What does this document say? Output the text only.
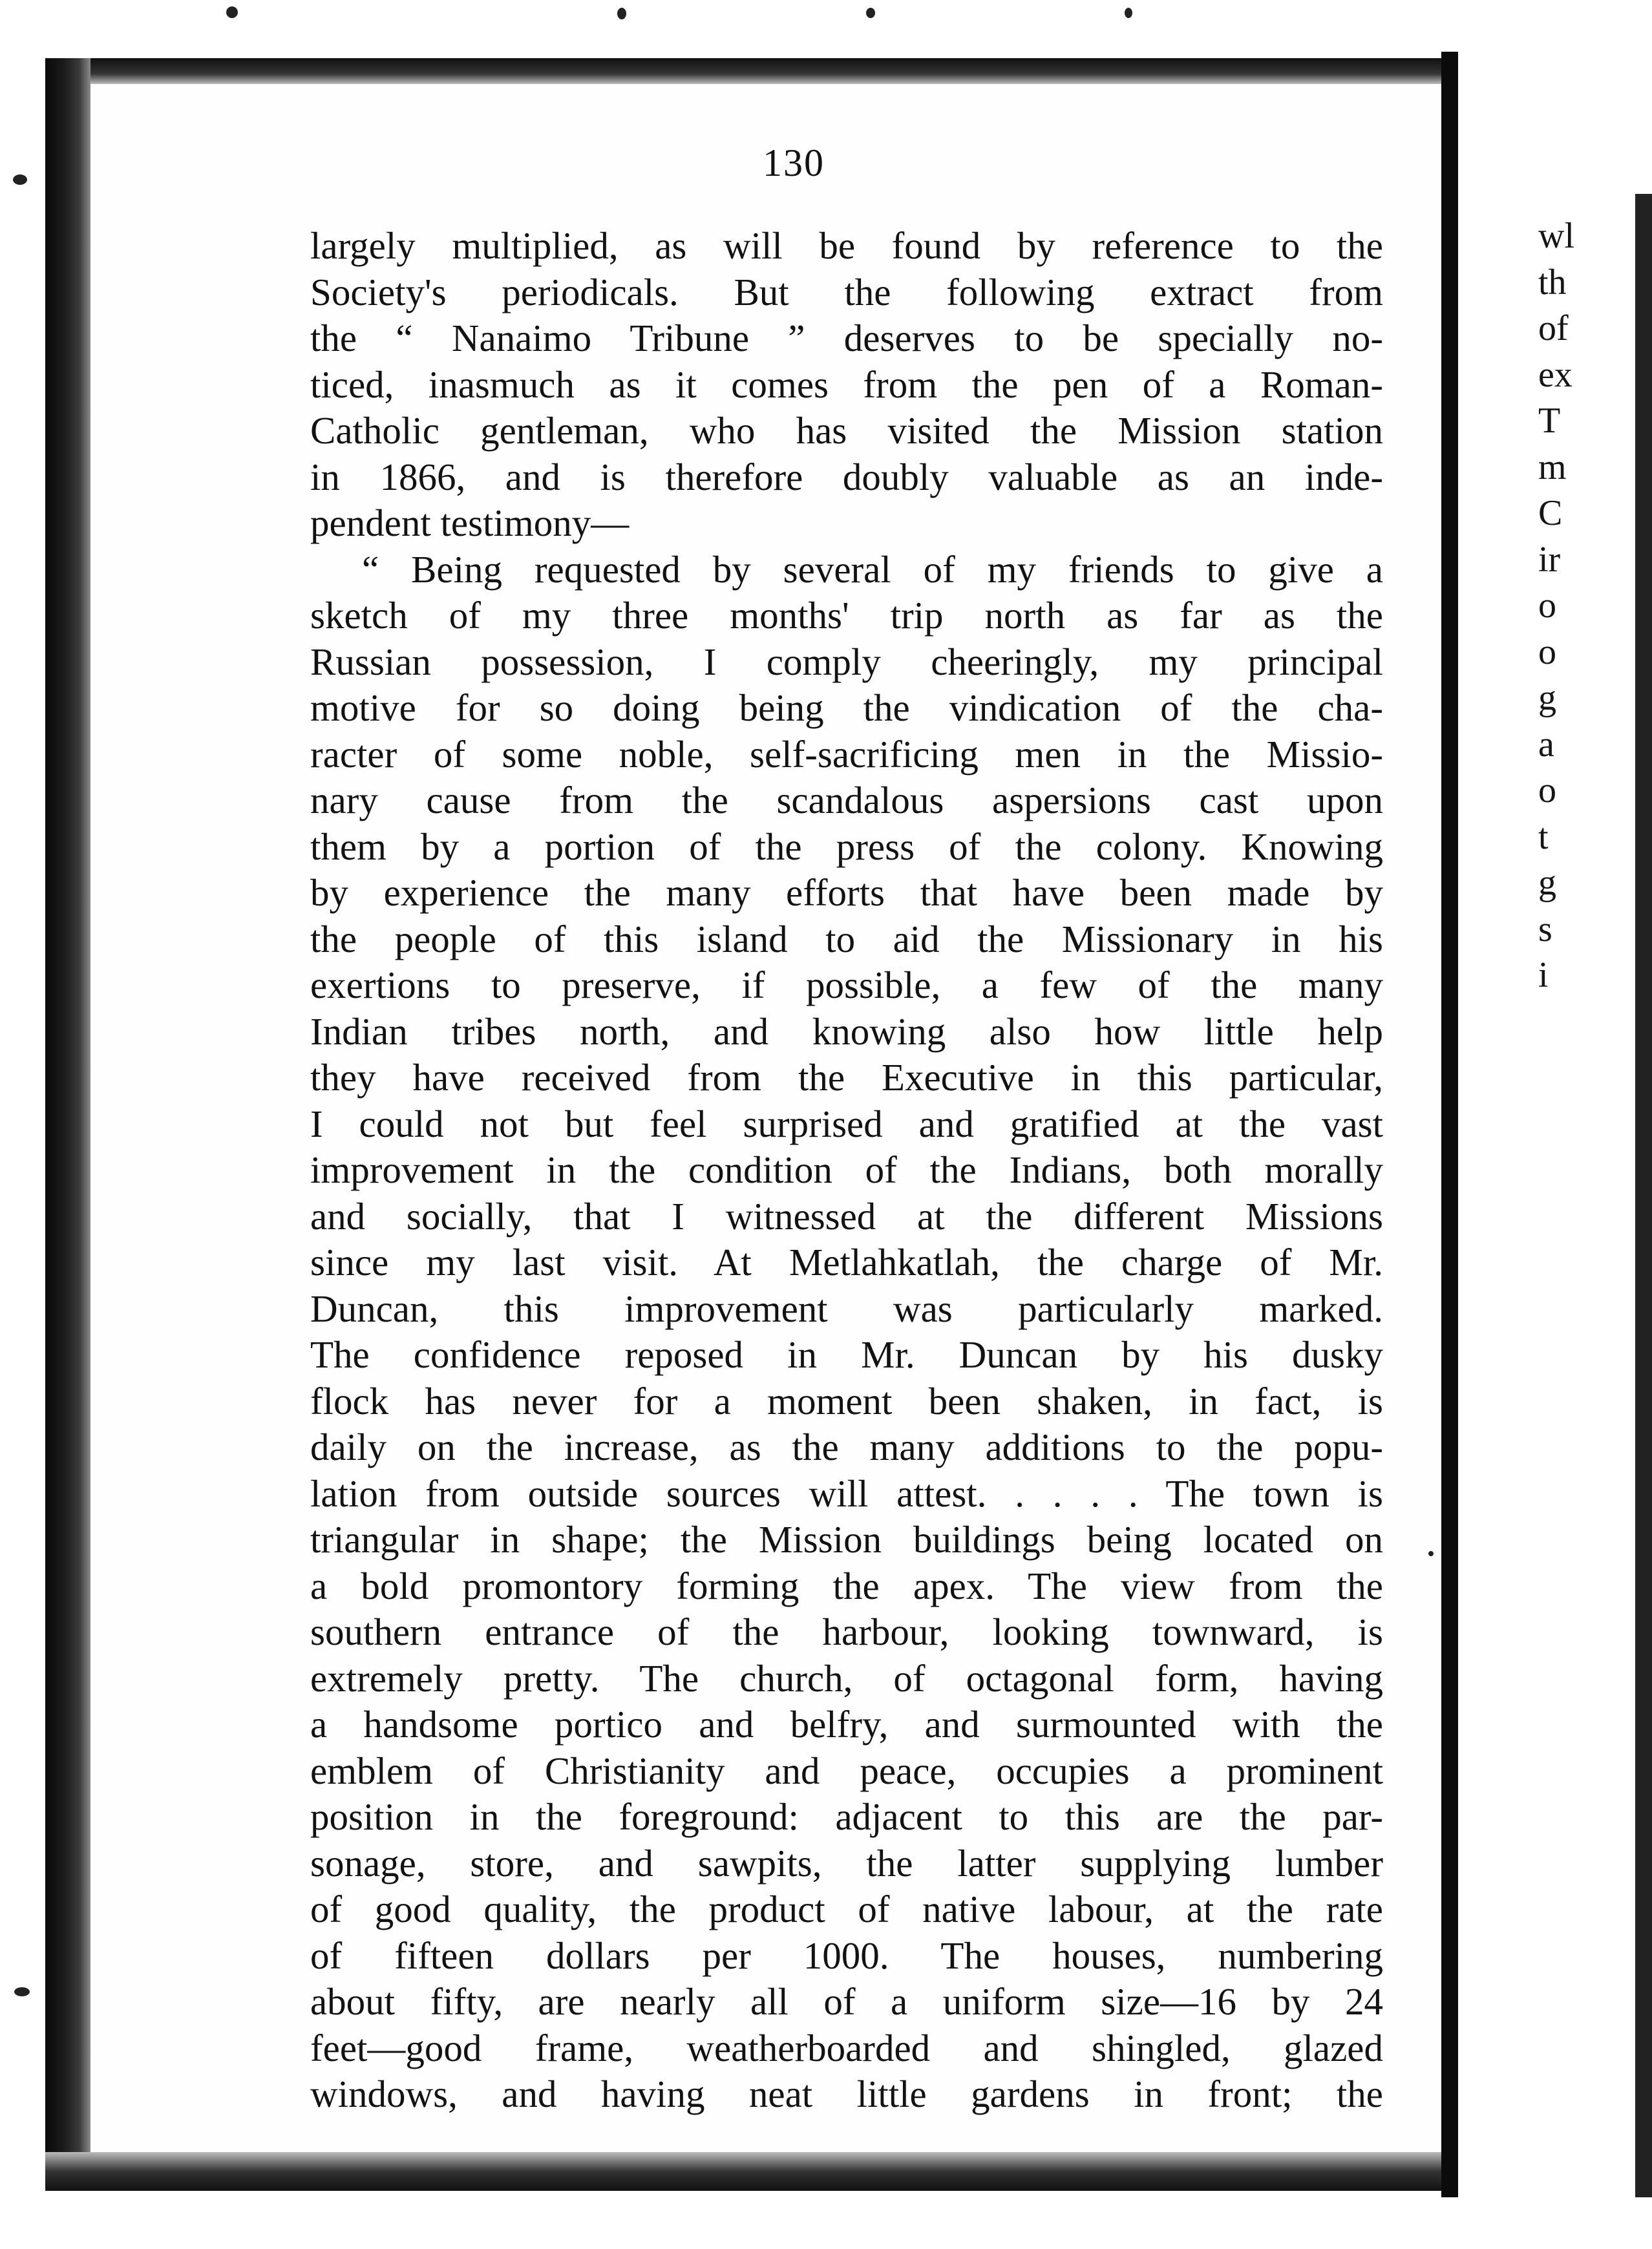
130
largely multiplied, as will be found by reference to the
Society's periodicals. But the following extract from
the “ Nanaimo Tribune ” deserves to be specially no-
ticed, inasmuch as it comes from the pen of a Roman-
Catholic gentleman, who has visited the Mission station
in 1866, and is therefore doubly valuable as an inde-
pendent testimony—
“ Being requested by several of my friends to give a
sketch of my three months' trip north as far as the
Russian possession, I comply cheeringly, my principal
motive for so doing being the vindication of the cha-
racter of some noble, self-sacrificing men in the Missio-
nary cause from the scandalous aspersions cast upon
them by a portion of the press of the colony. Knowing
by experience the many efforts that have been made by
the people of this island to aid the Missionary in his
exertions to preserve, if possible, a few of the many
Indian tribes north, and knowing also how little help
they have received from the Executive in this particular,
I could not but feel surprised and gratified at the vast
improvement in the condition of the Indians, both morally
and socially, that I witnessed at the different Missions
since my last visit. At Metlahkatlah, the charge of Mr.
Duncan, this improvement was particularly marked.
The confidence reposed in Mr. Duncan by his dusky
flock has never for a moment been shaken, in fact, is
daily on the increase, as the many additions to the popu-
lation from outside sources will attest. . . . . The town is
triangular in shape; the Mission buildings being located on
a bold promontory forming the apex. The view from the
southern entrance of the harbour, looking townward, is
extremely pretty. The church, of octagonal form, having
a handsome portico and belfry, and surmounted with the
emblem of Christianity and peace, occupies a prominent
position in the foreground: adjacent to this are the par-
sonage, store, and sawpits, the latter supplying lumber
of good quality, the product of native labour, at the rate
of fifteen dollars per 1000. The houses, numbering
about fifty, are nearly all of a uniform size—16 by 24
feet—good frame, weatherboarded and shingled, glazed
windows, and having neat little gardens in front; the
wl
th
of
ex
T
m
C
ir
o
o
g
a
o
t
g
s
i
